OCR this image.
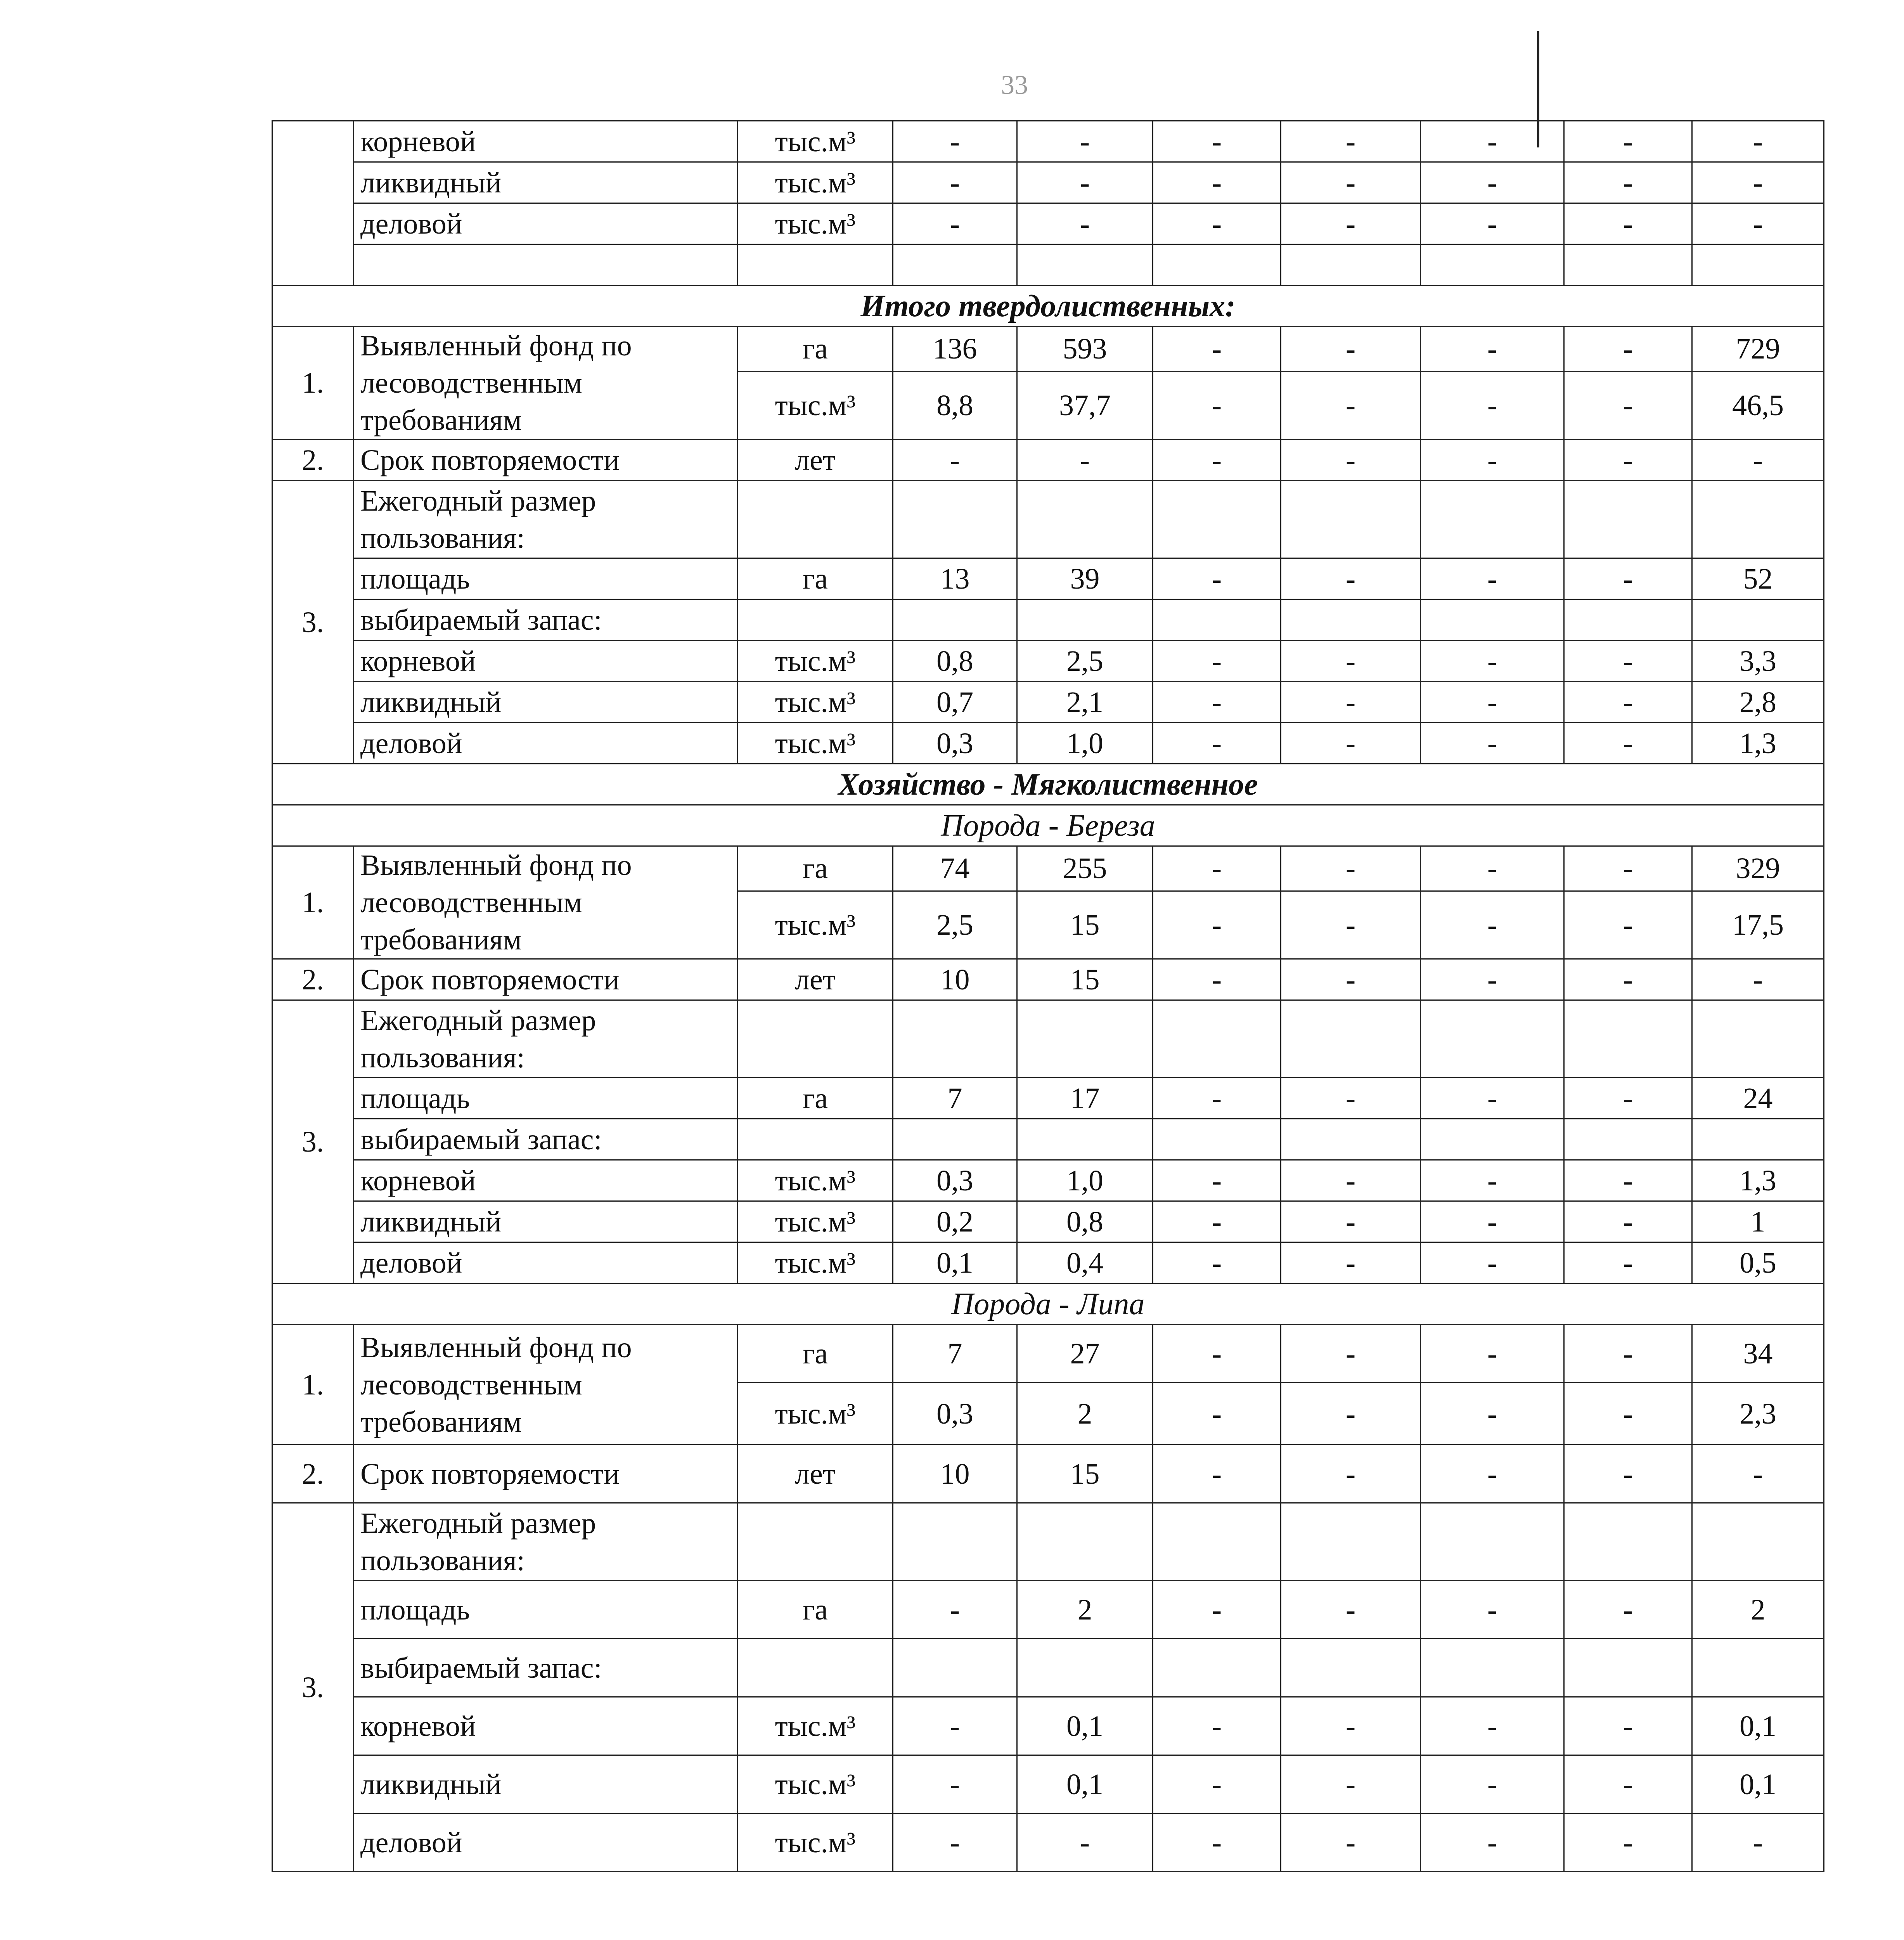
33
	корневой	тыс.м³	-	-	-	-	-	-	-
	ликвидный	тыс.м³	-	-	-	-	-	-	-
	деловой	тыс.м³	-	-	-	-	-	-	-

Итого твердолиственных:									
1.	Выявленный фонд по лесоводственным требованиям	га	136	593	-	-	-	-	729
		тыс.м³	8,8	37,7	-	-	-	-	46,5
2.	Срок повторяемости	лет	-	-	-	-	-	-	-
3.	Ежегодный размер пользования:								
	площадь	га	13	39	-	-	-	-	52
	выбираемый запас:								
	корневой	тыс.м³	0,8	2,5	-	-	-	-	3,3
	ликвидный	тыс.м³	0,7	2,1	-	-	-	-	2,8
	деловой	тыс.м³	0,3	1,0	-	-	-	-	1,3
Хозяйство - Мягколиственное									
Порода - Береза									
1.	Выявленный фонд по лесоводственным требованиям	га	74	255	-	-	-	-	329
		тыс.м³	2,5	15	-	-	-	-	17,5
2.	Срок повторяемости	лет	10	15	-	-	-	-	-
3.	Ежегодный размер пользования:								
	площадь	га	7	17	-	-	-	-	24
	выбираемый запас:								
	корневой	тыс.м³	0,3	1,0	-	-	-	-	1,3
	ликвидный	тыс.м³	0,2	0,8	-	-	-	-	1
	деловой	тыс.м³	0,1	0,4	-	-	-	-	0,5
Порода - Липа									
1.	Выявленный фонд по лесоводственным требованиям	га	7	27	-	-	-	-	34
		тыс.м³	0,3	2	-	-	-	-	2,3
2.	Срок повторяемости	лет	10	15	-	-	-	-	-
3.	Ежегодный размер пользования:								
	площадь	га	-	2	-	-	-	-	2
	выбираемый запас:								
	корневой	тыс.м³	-	0,1	-	-	-	-	0,1
	ликвидный	тыс.м³	-	0,1	-	-	-	-	0,1
	деловой	тыс.м³	-	-	-	-	-	-	-
